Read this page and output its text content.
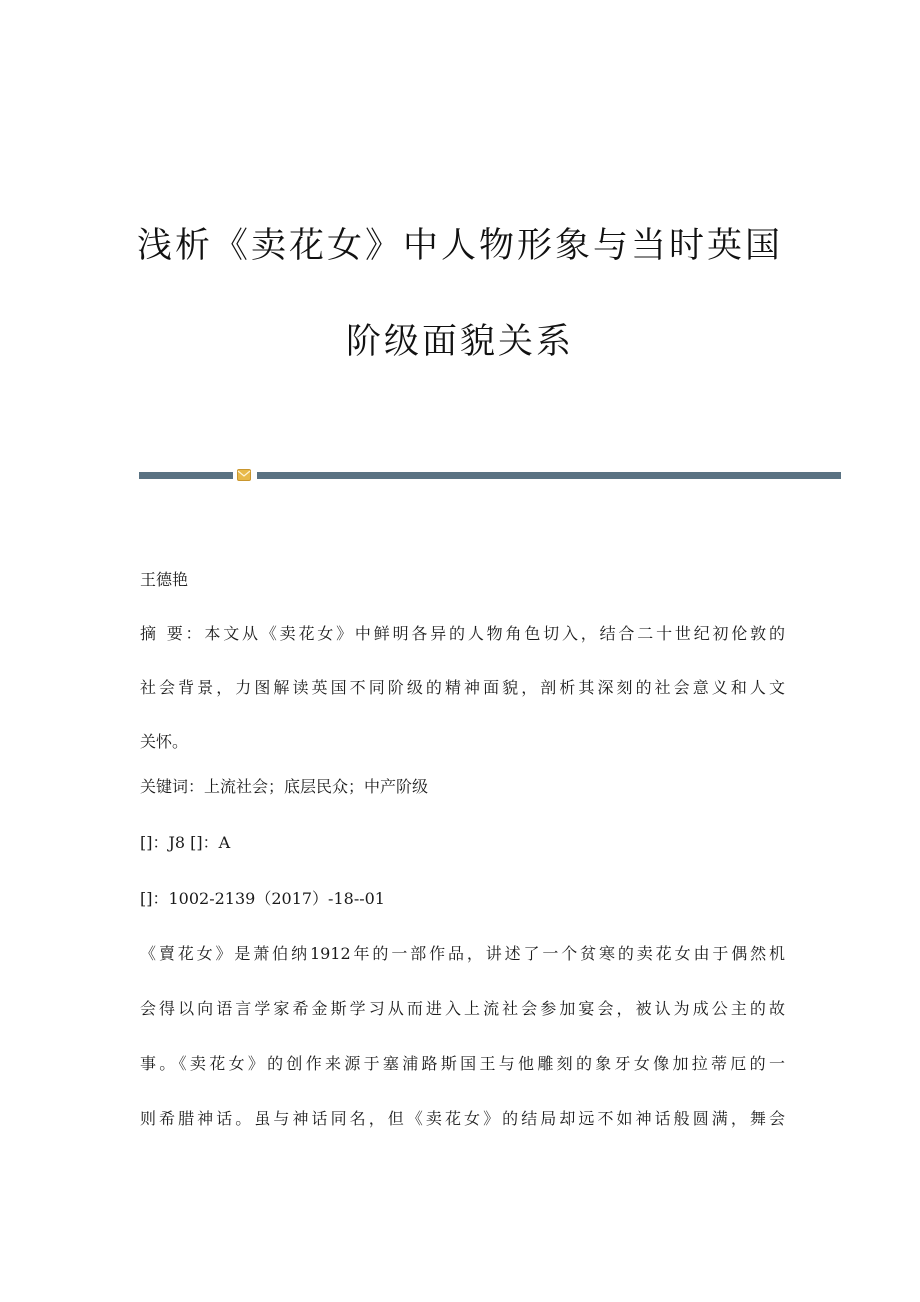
浅析《卖花女》中人物形象与当时英国
阶级面貌关系
王德艳
摘 要：本文从《卖花女》中鲜明各异的人物角色切入，结合二十世纪初伦敦的
社会背景，力图解读英国不同阶级的精神面貌，剖析其深刻的社会意义和人文
关怀。
关键词：上流社会；底层民众；中产阶级
[]：J8 []：A
[]：1002-2139（2017）-18--01
《賣花女》是萧伯纳1912年的一部作品，讲述了一个贫寒的卖花女由于偶然机
会得以向语言学家希金斯学习从而进入上流社会参加宴会，被认为成公主的故
事。《卖花女》的创作来源于塞浦路斯国王与他雕刻的象牙女像加拉蒂厄的一
则希腊神话。虽与神话同名，但《卖花女》的结局却远不如神话般圆满，舞会
